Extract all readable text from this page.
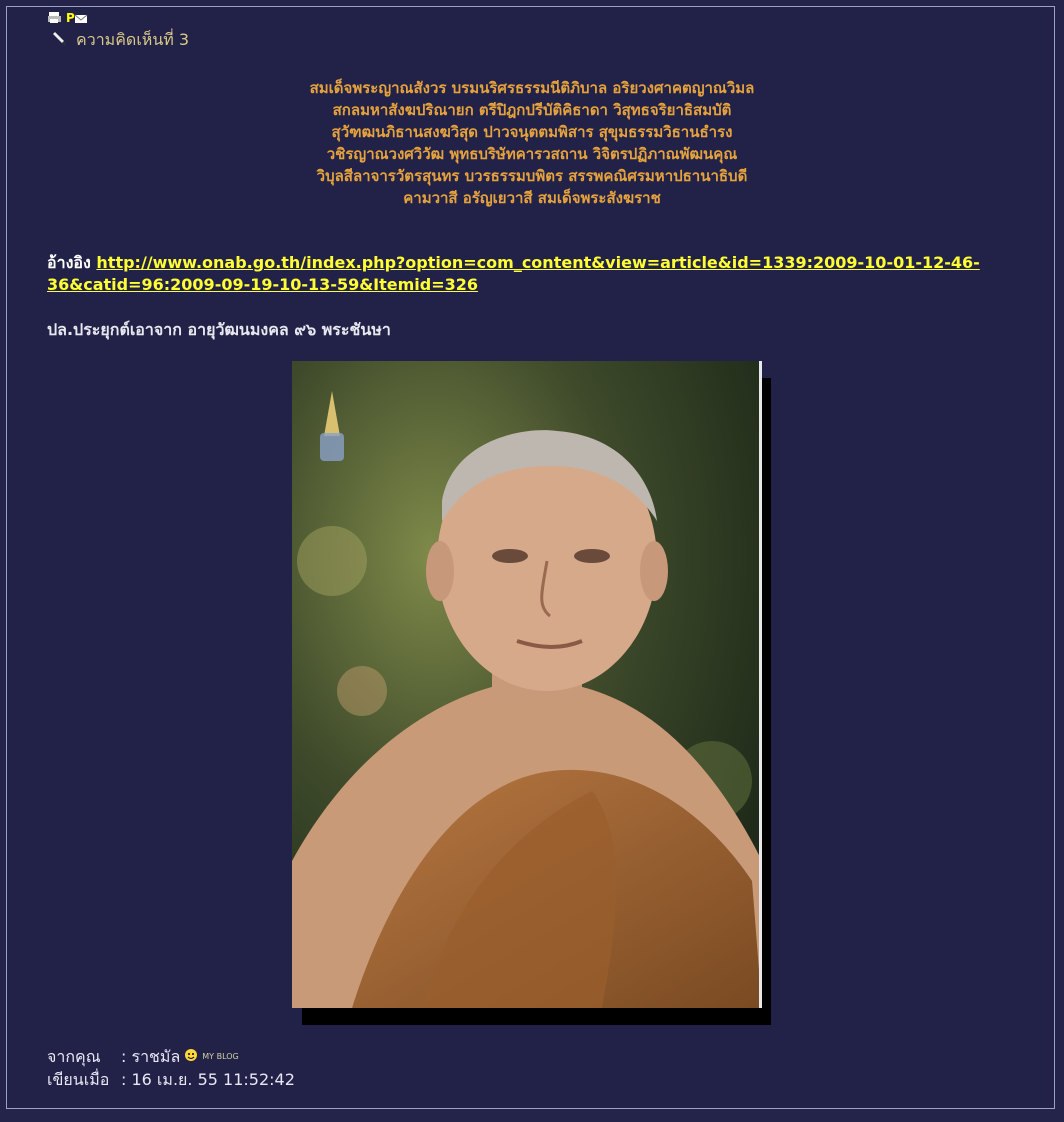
P
ความคิดเห็นที่ 3
สมเด็จพระญาณสังวร บรมนริศรธรรมนีติภิบาล อริยวงศาคตญาณวิมล
สกลมหาสังฆปริณายก ตรีปิฎกปรีบัติคิธาดา วิสุทธจริยาธิสมบัติ
สุวัฑฒนภิธานสงฆวิสุด ปาวจนุตตมพิสาร สุขุมธรรมวิธานธำรง
วชิรญาณวงศวิวัฒ พุทธบริษัทคารวสถาน วิจิตรปฏิภาณพัฒนคุณ
วิบุลสีลาจารวัตรสุนทร บวรธรรมบพิตร สรรพคณิศรมหาปธานาธิบดี
คามวาสี อรัญเยวาสี สมเด็จพระสังฆราช
อ้างอิง http://www.onab.go.th/index.php?option=com_content&view=article&id=1339:2009-10-01-12-46-36&catid=96:2009-09-19-10-13-59&Itemid=326
ปล.ประยุกต์เอาจาก อายุวัฒนมงคล ๙๖ พระชันษา
จากคุณ	: ราชมัล	MY BLOG
เขียนเมื่อ : 16 เม.ย. 55 11:52:42
